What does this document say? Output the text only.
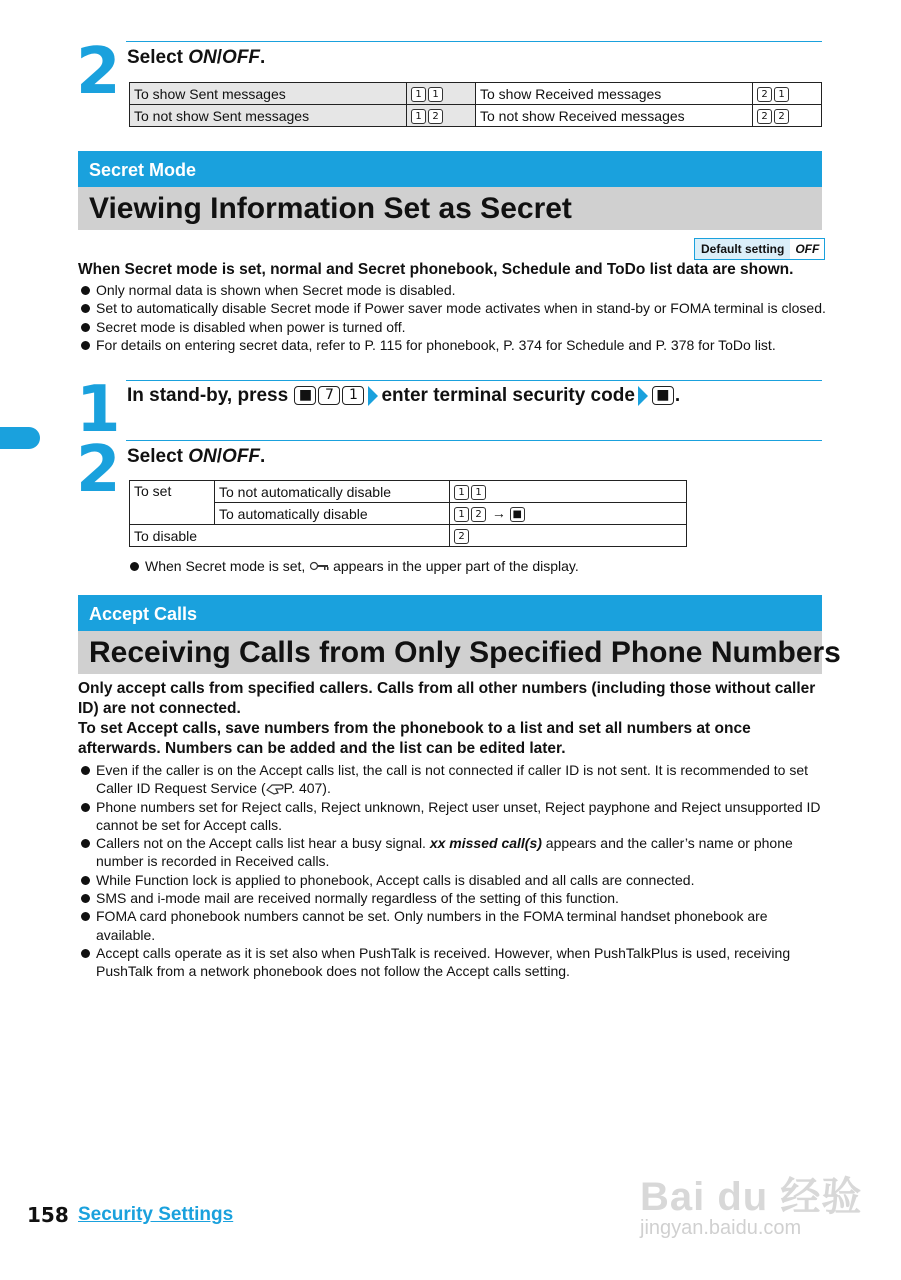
2 Select ON/OFF.
To show Sent messages	1 1	To show Received messages	2 1
To not show Sent messages	1 2	To not show Received messages	2 2
Secret Mode
Viewing Information Set as Secret
Default setting OFF
When Secret mode is set, normal and Secret phonebook, Schedule and ToDo list data are shown.
Only normal data is shown when Secret mode is disabled.
Set to automatically disable Secret mode if Power saver mode activates when in stand-by or FOMA terminal is closed.
Secret mode is disabled when power is turned off.
For details on entering secret data, refer to P. 115 for phonebook, P. 374 for Schedule and P. 378 for ToDo list.
1 In stand-by, press ■ 7 1 enter terminal security code ■ .
2 Select ON/OFF.
To set	To not automatically disable	1 1
	To automatically disable	1 2 → ■
To disable		2
When Secret mode is set, appears in the upper part of the display.
Accept Calls
Receiving Calls from Only Specified Phone Numbers
Only accept calls from specified callers. Calls from all other numbers (including those without caller ID) are not connected.
To set Accept calls, save numbers from the phonebook to a list and set all numbers at once afterwards. Numbers can be added and the list can be edited later.
Even if the caller is on the Accept calls list, the call is not connected if caller ID is not sent. It is recommended to set Caller ID Request Service ( P. 407).
Phone numbers set for Reject calls, Reject unknown, Reject user unset, Reject payphone and Reject unsupported ID cannot be set for Accept calls.
Callers not on the Accept calls list hear a busy signal. xx missed call(s) appears and the caller’s name or phone number is recorded in Received calls.
While Function lock is applied to phonebook, Accept calls is disabled and all calls are connected.
SMS and i-mode mail are received normally regardless of the setting of this function.
FOMA card phonebook numbers cannot be set. Only numbers in the FOMA terminal handset phonebook are available.
Accept calls operate as it is set also when PushTalk is received. However, when PushTalkPlus is used, receiving PushTalk from a network phonebook does not follow the Accept calls setting.
158 Security Settings	Bai du 经验
jingyan.baidu.com
